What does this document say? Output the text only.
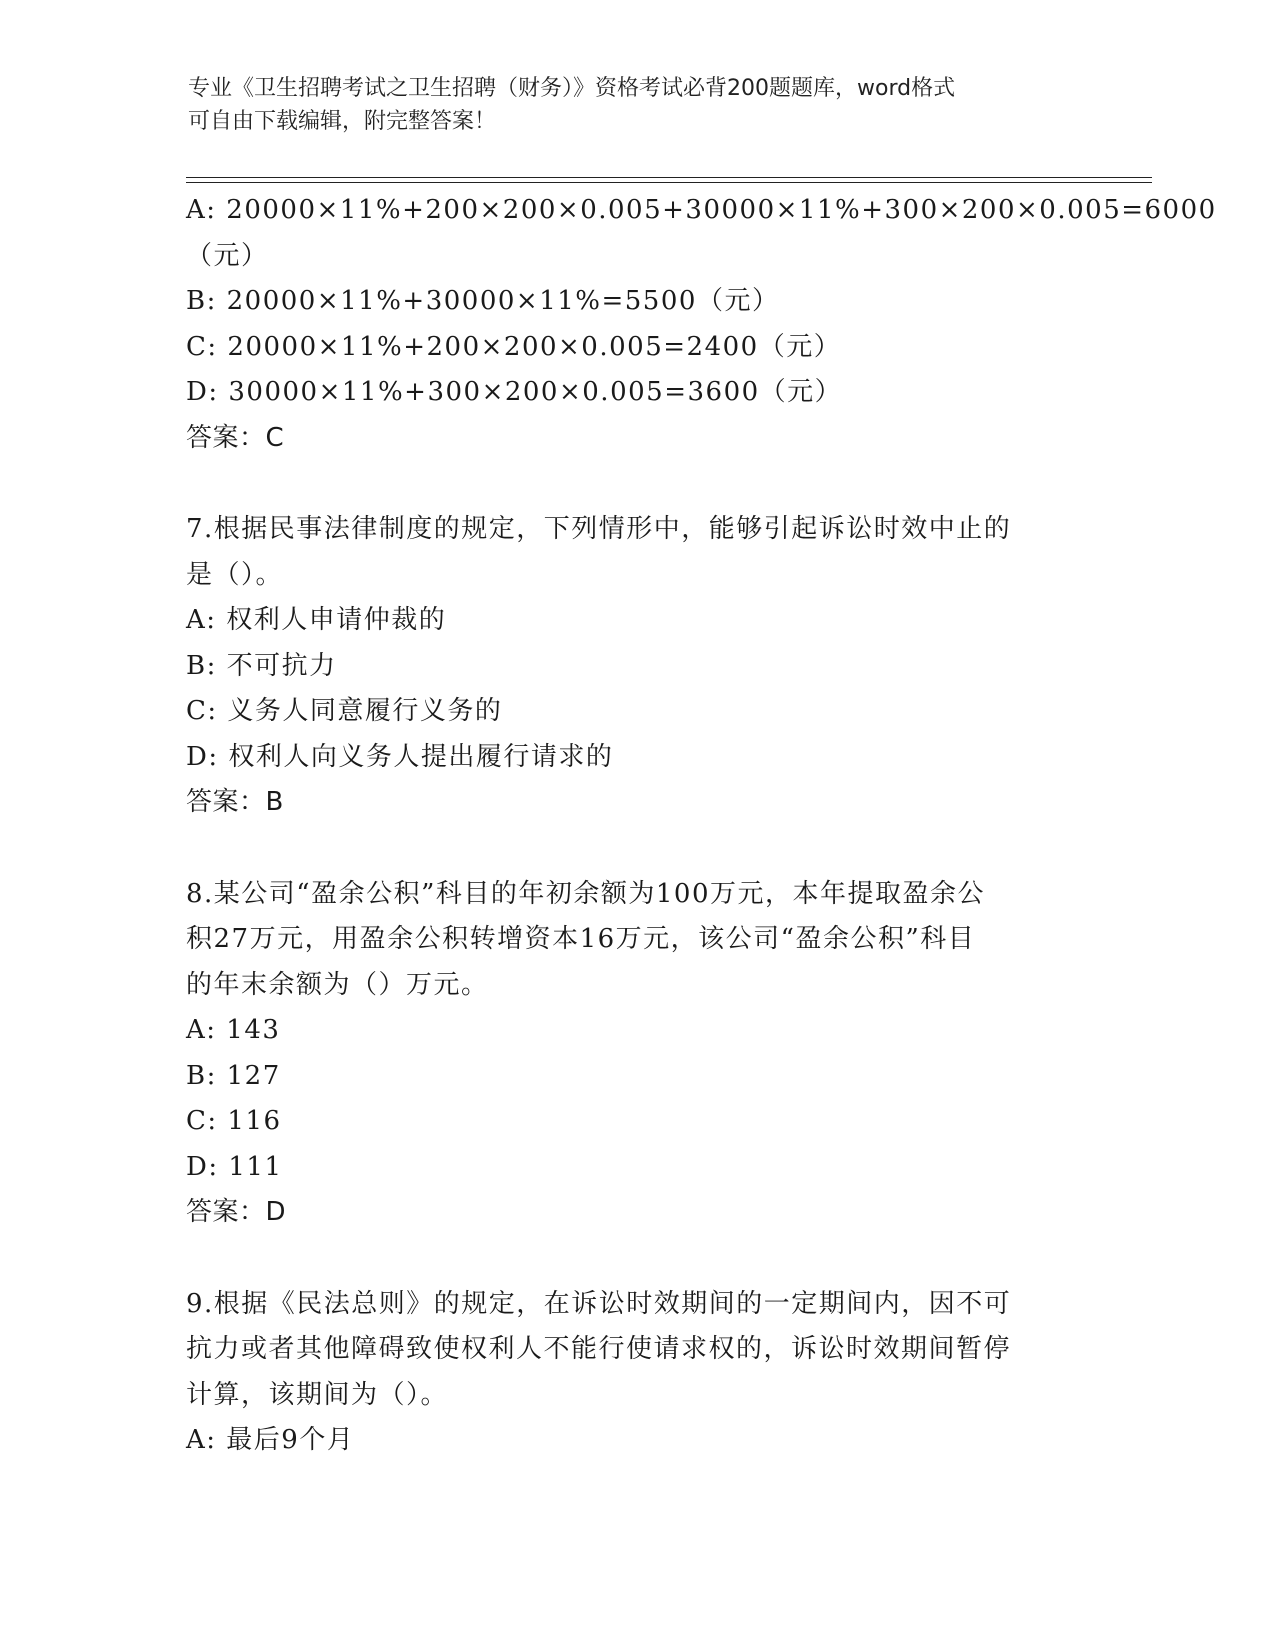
专业《卫生招聘考试之卫生招聘（财务）》资格考试必背200题题库，word格式
可自由下载编辑，附完整答案！
A: 20000×11%+200×200×0.005+30000×11%+300×200×0.005=6000
（元）
B: 20000×11%+30000×11%=5500（元）
C: 20000×11%+200×200×0.005=2400（元）
D: 30000×11%+300×200×0.005=3600（元）
答案：C
7.根据民事法律制度的规定，下列情形中，能够引起诉讼时效中止的
是（）。
A: 权利人申请仲裁的
B: 不可抗力
C: 义务人同意履行义务的
D: 权利人向义务人提出履行请求的
答案：B
8.某公司“盈余公积”科目的年初余额为100万元，本年提取盈余公
积27万元，用盈余公积转增资本16万元，该公司“盈余公积”科目
的年末余额为（）万元。
A: 143
B: 127
C: 116
D: 111
答案：D
9.根据《民法总则》的规定，在诉讼时效期间的一定期间内，因不可
抗力或者其他障碍致使权利人不能行使请求权的，诉讼时效期间暂停
计算，该期间为（）。
A: 最后9个月
